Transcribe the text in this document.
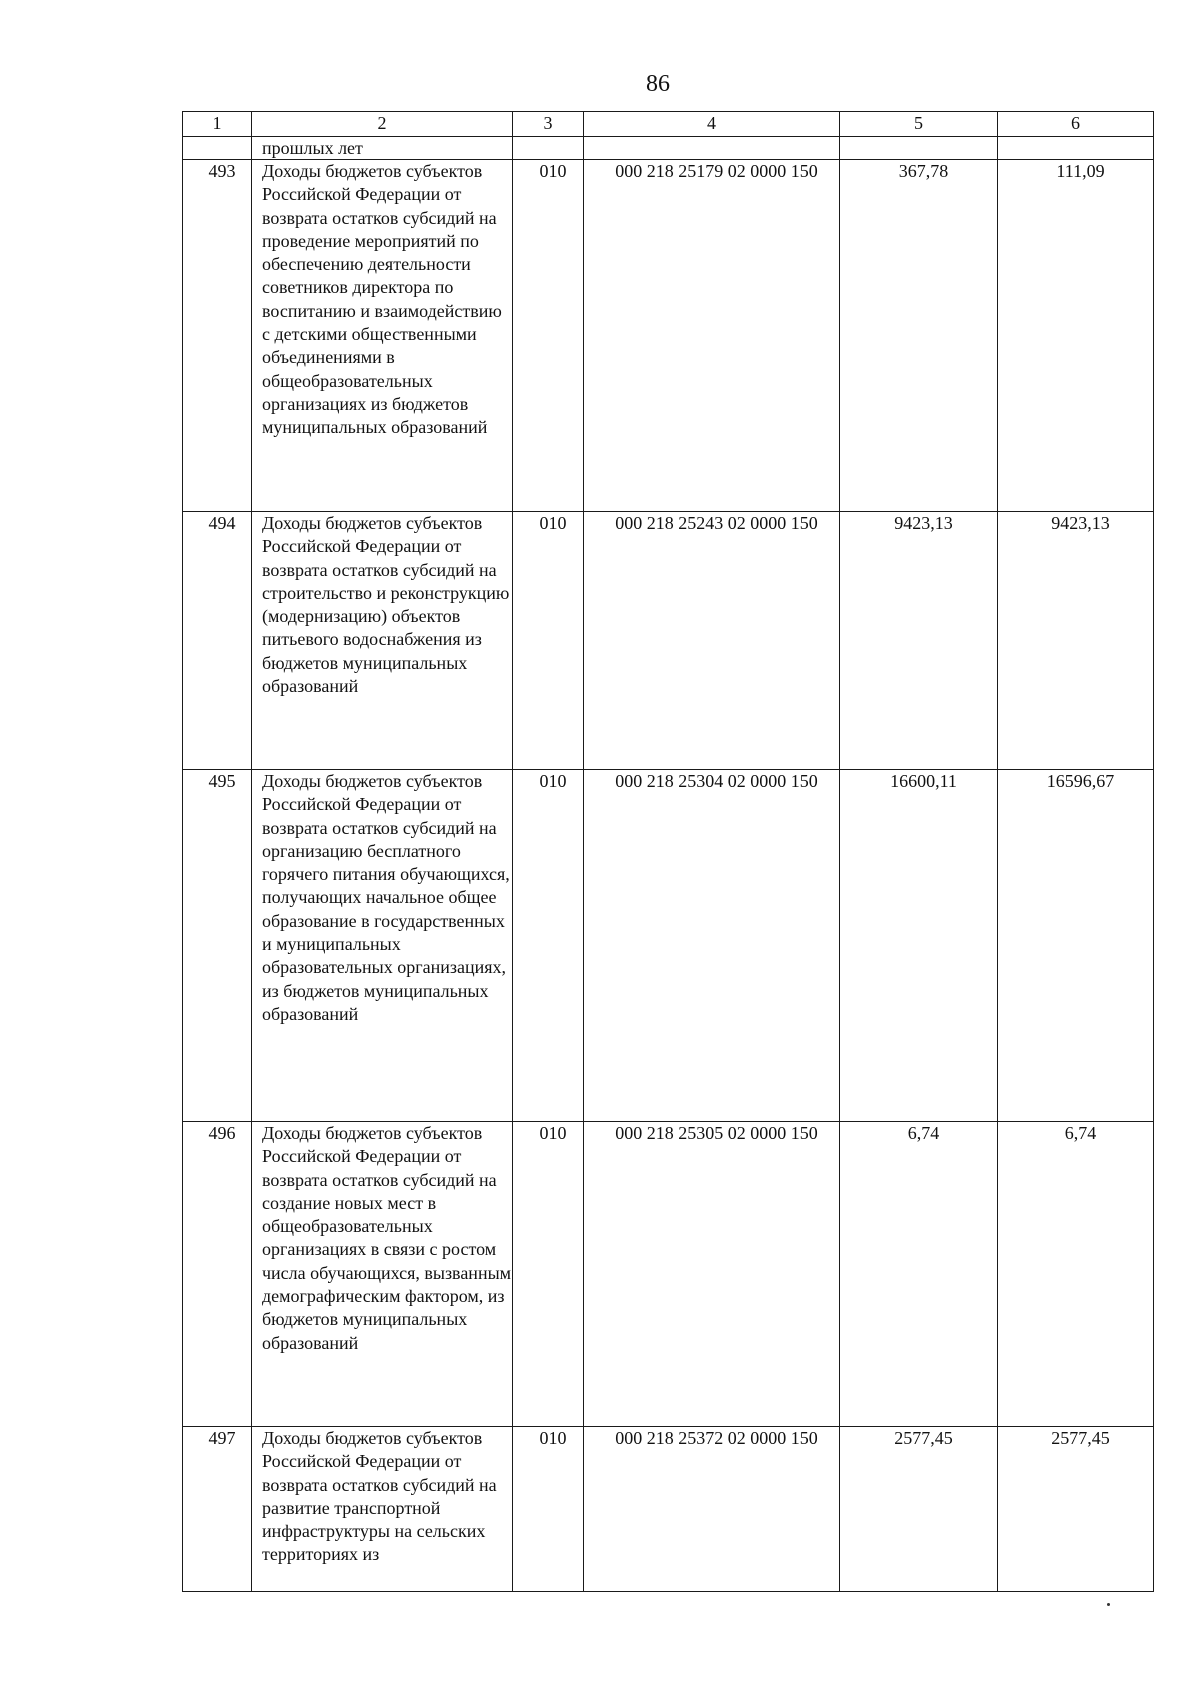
86
1	2	3	4	5	6
	прошлых лет				
493	Доходы бюджетов субъектов Российской Федерации от возврата остатков субсидий на проведение мероприятий по обеспечению деятельности советников директора по воспитанию и взаимодействию с детскими общественными объединениями в общеобразовательных организациях из бюджетов муниципальных образований	010	000 218 25179 02 0000 150	367,78	111,09
494	Доходы бюджетов субъектов Российской Федерации от возврата остатков субсидий на строительство и реконструкцию (модернизацию) объектов питьевого водоснабжения из бюджетов муниципальных образований	010	000 218 25243 02 0000 150	9423,13	9423,13
495	Доходы бюджетов субъектов Российской Федерации от возврата остатков субсидий на организацию бесплатного горячего питания обучающихся, получающих начальное общее образование в государственных и муниципальных образовательных организациях, из бюджетов муниципальных образований	010	000 218 25304 02 0000 150	16600,11	16596,67
496	Доходы бюджетов субъектов Российской Федерации от возврата остатков субсидий на создание новых мест в общеобразовательных организациях в связи с ростом числа обучающихся, вызванным демографическим фактором, из бюджетов муниципальных образований	010	000 218 25305 02 0000 150	6,74	6,74
497	Доходы бюджетов субъектов Российской Федерации от возврата остатков субсидий на развитие транспортной инфраструктуры на сельских территориях из	010	000 218 25372 02 0000 150	2577,45	2577,45
